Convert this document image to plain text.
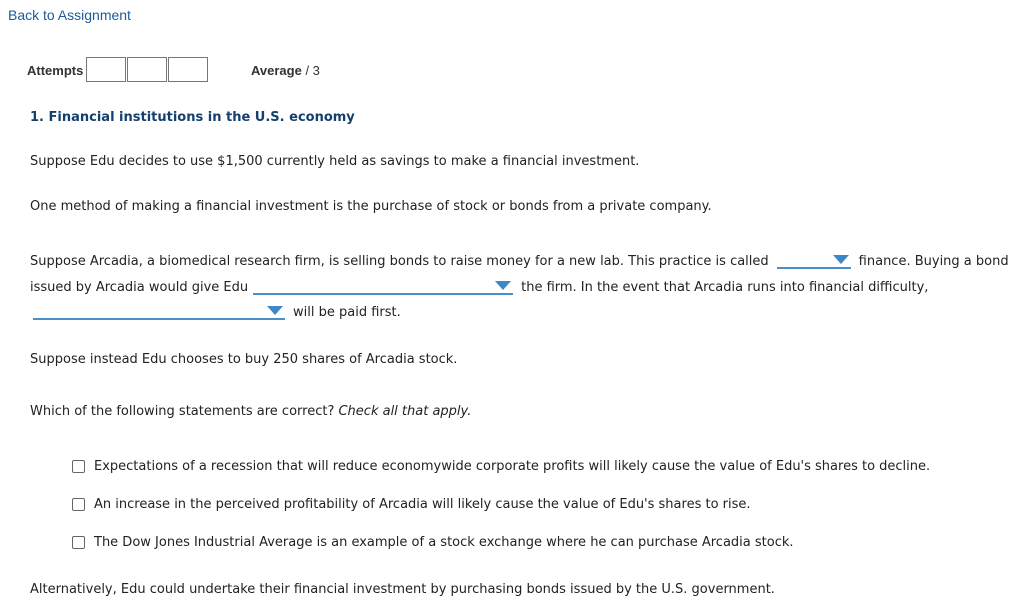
Back to Assignment
Attempts	Average / 3
1. Financial institutions in the U.S. economy
Suppose Edu decides to use $1,500 currently held as savings to make a financial investment.
One method of making a financial investment is the purchase of stock or bonds from a private company.
Suppose Arcadia, a biomedical research firm, is selling bonds to raise money for a new lab. This practice is called	finance. Buying a bond
issued by Arcadia would give Edu	the firm. In the event that Arcadia runs into financial difficulty,
will be paid first.
Suppose instead Edu chooses to buy 250 shares of Arcadia stock.
Which of the following statements are correct? Check all that apply.
Expectations of a recession that will reduce economywide corporate profits will likely cause the value of Edu's shares to decline.
An increase in the perceived profitability of Arcadia will likely cause the value of Edu's shares to rise.
The Dow Jones Industrial Average is an example of a stock exchange where he can purchase Arcadia stock.
Alternatively, Edu could undertake their financial investment by purchasing bonds issued by the U.S. government.
